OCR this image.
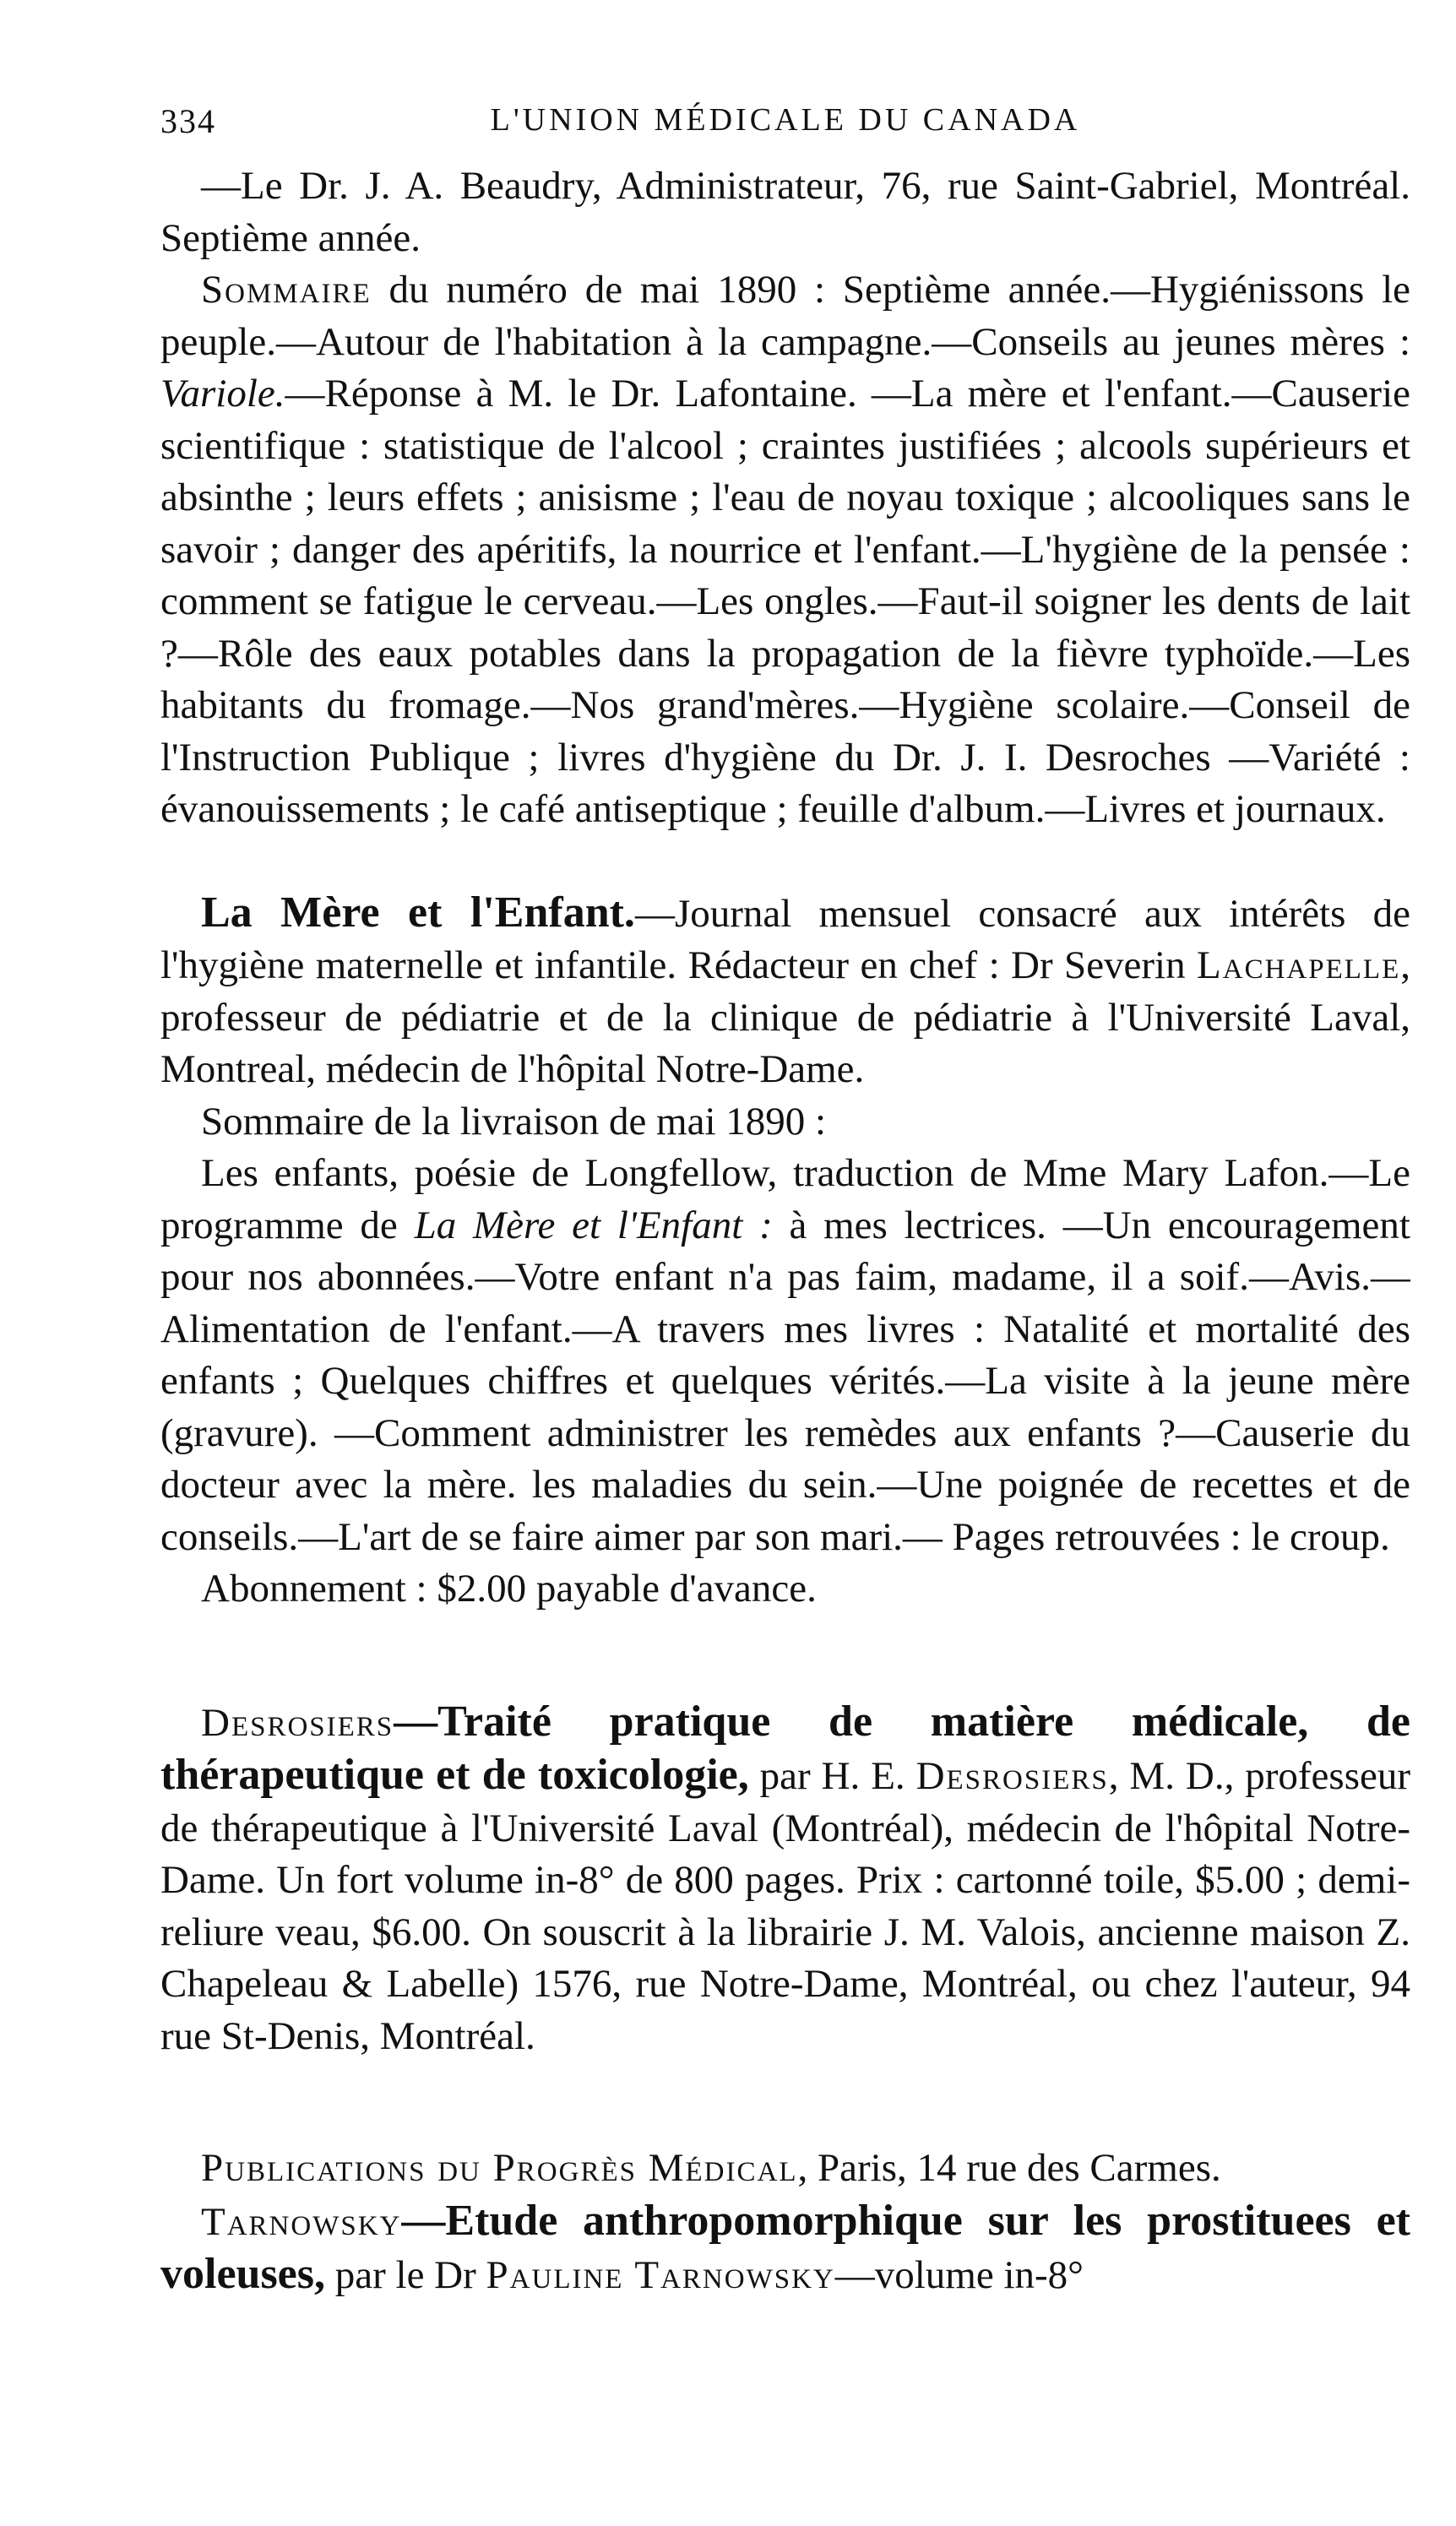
334	L'UNION MÉDICALE DU CANADA

—Le Dr. J. A. Beaudry, Administrateur, 76, rue Saint-Gabriel, Montréal. Septième année.

Sommaire du numéro de mai 1890 : Septième année.—Hygiénissons le peuple.—Autour de l'habitation à la campagne.—Conseils au jeunes mères : Variole.—Réponse à M. le Dr. Lafontaine. —La mère et l'enfant.—Causerie scientifique : statistique de l'alcool ; craintes justifiées ; alcools supérieurs et absinthe ; leurs effets ; anisisme ; l'eau de noyau toxique ; alcooliques sans le savoir ; danger des apéritifs, la nourrice et l'enfant.—L'hygiène de la pensée : comment se fatigue le cerveau.—Les ongles.—Faut-il soigner les dents de lait ?—Rôle des eaux potables dans la propagation de la fièvre typhoïde.—Les habitants du fromage.—Nos grand'mères.—Hygiène scolaire.—Conseil de l'Instruction Publique ; livres d'hygiène du Dr. J. I. Desroches —Variété : évanouissements ; le café antiseptique ; feuille d'album.—Livres et journaux.

La Mère et l'Enfant.—Journal mensuel consacré aux intérêts de l'hygiène maternelle et infantile. Rédacteur en chef : Dr Severin Lachapelle, professeur de pédiatrie et de la clinique de pédiatrie à l'Université Laval, Montreal, médecin de l'hôpital Notre-Dame.

Sommaire de la livraison de mai 1890 :

Les enfants, poésie de Longfellow, traduction de Mme Mary Lafon.—Le programme de La Mère et l'Enfant : à mes lectrices. —Un encouragement pour nos abonnées.—Votre enfant n'a pas faim, madame, il a soif.—Avis.—Alimentation de l'enfant.—A travers mes livres : Natalité et mortalité des enfants ; Quelques chiffres et quelques vérités.—La visite à la jeune mère (gravure). —Comment administrer les remèdes aux enfants ?—Causerie du docteur avec la mère. les maladies du sein.—Une poignée de recettes et de conseils.—L'art de se faire aimer par son mari.— Pages retrouvées : le croup.

Abonnement : $2.00 payable d'avance.

Desrosiers—Traité pratique de matière médicale, de thérapeutique et de toxicologie, par H. E. Desrosiers, M. D., professeur de thérapeutique à l'Université Laval (Montréal), médecin de l'hôpital Notre-Dame. Un fort volume in-8° de 800 pages. Prix : cartonné toile, $5.00 ; demi-reliure veau, $6.00. On souscrit à la librairie J. M. Valois, ancienne maison Z. Chapeleau & Labelle) 1576, rue Notre-Dame, Montréal, ou chez l'auteur, 94 rue St-Denis, Montréal.

Publications du Progrès Médical, Paris, 14 rue des Carmes.

Tarnowsky—Etude anthropomorphique sur les prostituees et voleuses, par le Dr Pauline Tarnowsky—volume in-8°
